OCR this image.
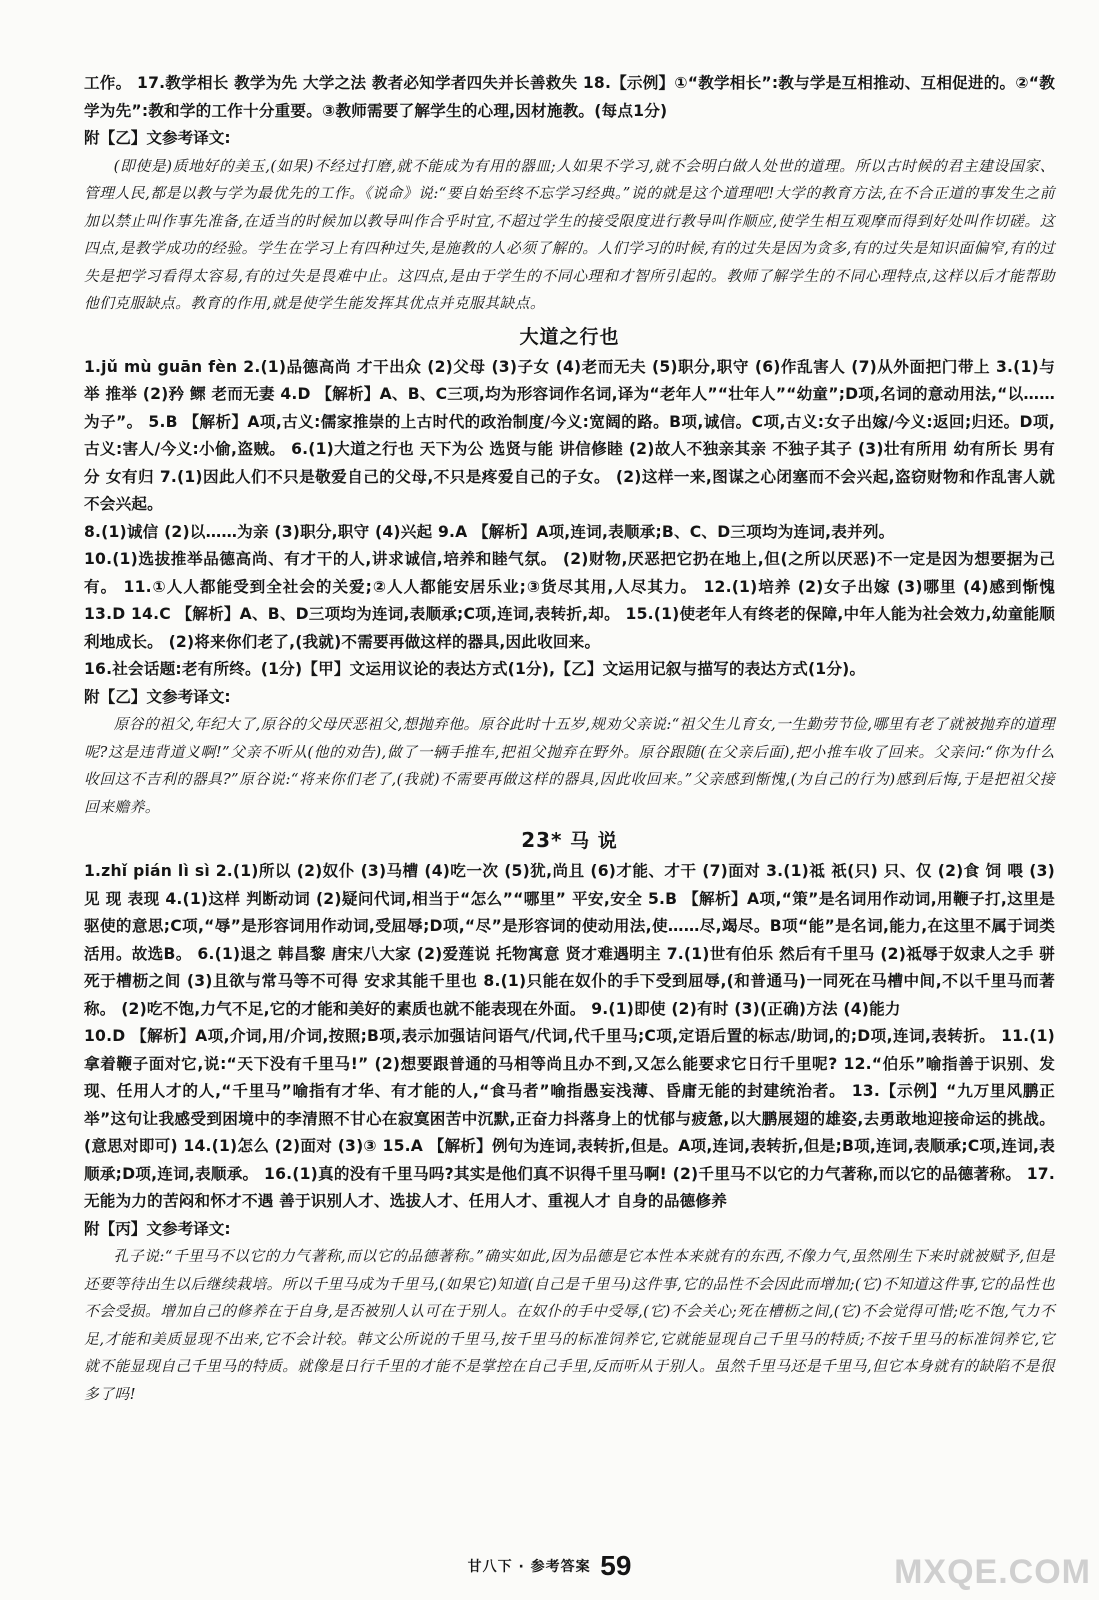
工作。 17.教学相长 教学为先 大学之法 教者必知学者四失并长善救失 18.【示例】①“教学相长”:教与学是互相推动、互相促进的。②“教学为先”:教和学的工作十分重要。③教师需要了解学生的心理,因材施教。(每点1分)

附【乙】文参考译文:

(即使是)质地好的美玉,(如果)不经过打磨,就不能成为有用的器皿;人如果不学习,就不会明白做人处世的道理。所以古时候的君主建设国家、管理人民,都是以教与学为最优先的工作。《说命》说:“要自始至终不忘学习经典。”说的就是这个道理吧!大学的教育方法,在不合正道的事发生之前加以禁止叫作事先准备,在适当的时候加以教导叫作合乎时宜,不超过学生的接受限度进行教导叫作顺应,使学生相互观摩而得到好处叫作切磋。这四点,是教学成功的经验。学生在学习上有四种过失,是施教的人必须了解的。人们学习的时候,有的过失是因为贪多,有的过失是知识面偏窄,有的过失是把学习看得太容易,有的过失是畏难中止。这四点,是由于学生的不同心理和才智所引起的。教师了解学生的不同心理特点,这样以后才能帮助他们克服缺点。教育的作用,就是使学生能发挥其优点并克服其缺点。

大道之行也

1.jǔ mù guān fèn 2.(1)品德高尚 才干出众 (2)父母 (3)子女 (4)老而无夫 (5)职分,职守 (6)作乱害人 (7)从外面把门带上 3.(1)与 举 推举 (2)矜 鳏 老而无妻 4.D 【解析】A、B、C三项,均为形容词作名词,译为“老年人”“壮年人”“幼童”;D项,名词的意动用法,“以……为子”。 5.B 【解析】A项,古义:儒家推崇的上古时代的政治制度/今义:宽阔的路。B项,诚信。C项,古义:女子出嫁/今义:返回;归还。D项,古义:害人/今义:小偷,盗贼。 6.(1)大道之行也 天下为公 选贤与能 讲信修睦 (2)故人不独亲其亲 不独子其子 (3)壮有所用 幼有所长 男有分 女有归 7.(1)因此人们不只是敬爱自己的父母,不只是疼爱自己的子女。 (2)这样一来,图谋之心闭塞而不会兴起,盗窃财物和作乱害人就不会兴起。

8.(1)诚信 (2)以……为亲 (3)职分,职守 (4)兴起 9.A 【解析】A项,连词,表顺承;B、C、D三项均为连词,表并列。

10.(1)选拔推举品德高尚、有才干的人,讲求诚信,培养和睦气氛。 (2)财物,厌恶把它扔在地上,但(之所以厌恶)不一定是因为想要据为己有。 11.①人人都能受到全社会的关爱;②人人都能安居乐业;③货尽其用,人尽其力。 12.(1)培养 (2)女子出嫁 (3)哪里 (4)感到惭愧 13.D 14.C 【解析】A、B、D三项均为连词,表顺承;C项,连词,表转折,却。 15.(1)使老年人有终老的保障,中年人能为社会效力,幼童能顺利地成长。 (2)将来你们老了,(我就)不需要再做这样的器具,因此收回来。

16.社会话题:老有所终。(1分)【甲】文运用议论的表达方式(1分),【乙】文运用记叙与描写的表达方式(1分)。

附【乙】文参考译文:

原谷的祖父,年纪大了,原谷的父母厌恶祖父,想抛弃他。原谷此时十五岁,规劝父亲说:“祖父生儿育女,一生勤劳节俭,哪里有老了就被抛弃的道理呢?这是违背道义啊!”父亲不听从(他的劝告),做了一辆手推车,把祖父抛弃在野外。原谷跟随(在父亲后面),把小推车收了回来。父亲问:“你为什么收回这不吉利的器具?”原谷说:“将来你们老了,(我就)不需要再做这样的器具,因此收回来。”父亲感到惭愧,(为自己的行为)感到后悔,于是把祖父接回来赡养。

23* 马 说

1.zhǐ pián lì sì 2.(1)所以 (2)奴仆 (3)马槽 (4)吃一次 (5)犹,尚且 (6)才能、才干 (7)面对 3.(1)祗 祇(只) 只、仅 (2)食 饲 喂 (3)见 现 表现 4.(1)这样 判断动词 (2)疑问代词,相当于“怎么”“哪里” 平安,安全 5.B 【解析】A项,“策”是名词用作动词,用鞭子打,这里是驱使的意思;C项,“辱”是形容词用作动词,受屈辱;D项,“尽”是形容词的使动用法,使……尽,竭尽。B项“能”是名词,能力,在这里不属于词类活用。故选B。 6.(1)退之 韩昌黎 唐宋八大家 (2)爱莲说 托物寓意 贤才难遇明主 7.(1)世有伯乐 然后有千里马 (2)祗辱于奴隶人之手 骈死于槽枥之间 (3)且欲与常马等不可得 安求其能千里也 8.(1)只能在奴仆的手下受到屈辱,(和普通马)一同死在马槽中间,不以千里马而著称。 (2)吃不饱,力气不足,它的才能和美好的素质也就不能表现在外面。 9.(1)即使 (2)有时 (3)(正确)方法 (4)能力

10.D 【解析】A项,介词,用/介词,按照;B项,表示加强诘问语气/代词,代千里马;C项,定语后置的标志/助词,的;D项,连词,表转折。 11.(1)拿着鞭子面对它,说:“天下没有千里马!” (2)想要跟普通的马相等尚且办不到,又怎么能要求它日行千里呢? 12.“伯乐”喻指善于识别、发现、任用人才的人,“千里马”喻指有才华、有才能的人,“食马者”喻指愚妄浅薄、昏庸无能的封建统治者。 13.【示例】“九万里风鹏正举”这句让我感受到困境中的李清照不甘心在寂寞困苦中沉默,正奋力抖落身上的忧郁与疲惫,以大鹏展翅的雄姿,去勇敢地迎接命运的挑战。(意思对即可) 14.(1)怎么 (2)面对 (3)③ 15.A 【解析】例句为连词,表转折,但是。A项,连词,表转折,但是;B项,连词,表顺承;C项,连词,表顺承;D项,连词,表顺承。 16.(1)真的没有千里马吗?其实是他们真不识得千里马啊! (2)千里马不以它的力气著称,而以它的品德著称。 17.无能为力的苦闷和怀才不遇 善于识别人才、选拔人才、任用人才、重视人才 自身的品德修养

附【丙】文参考译文:

孔子说:“千里马不以它的力气著称,而以它的品德著称。”确实如此,因为品德是它本性本来就有的东西,不像力气,虽然刚生下来时就被赋予,但是还要等待出生以后继续栽培。所以千里马成为千里马,(如果它)知道(自己是千里马)这件事,它的品性不会因此而增加;(它)不知道这件事,它的品性也不会受损。增加自己的修养在于自身,是否被别人认可在于别人。在奴仆的手中受辱,(它)不会关心;死在槽枥之间,(它)不会觉得可惜;吃不饱,气力不足,才能和美质显现不出来,它不会计较。韩文公所说的千里马,按千里马的标准饲养它,它就能显现自己千里马的特质;不按千里马的标准饲养它,它就不能显现自己千里马的特质。就像是日行千里的才能不是掌控在自己手里,反而听从于别人。虽然千里马还是千里马,但它本身就有的缺陷不是很多了吗!

甘八下 · 参考答案 59	MXQE.COM
